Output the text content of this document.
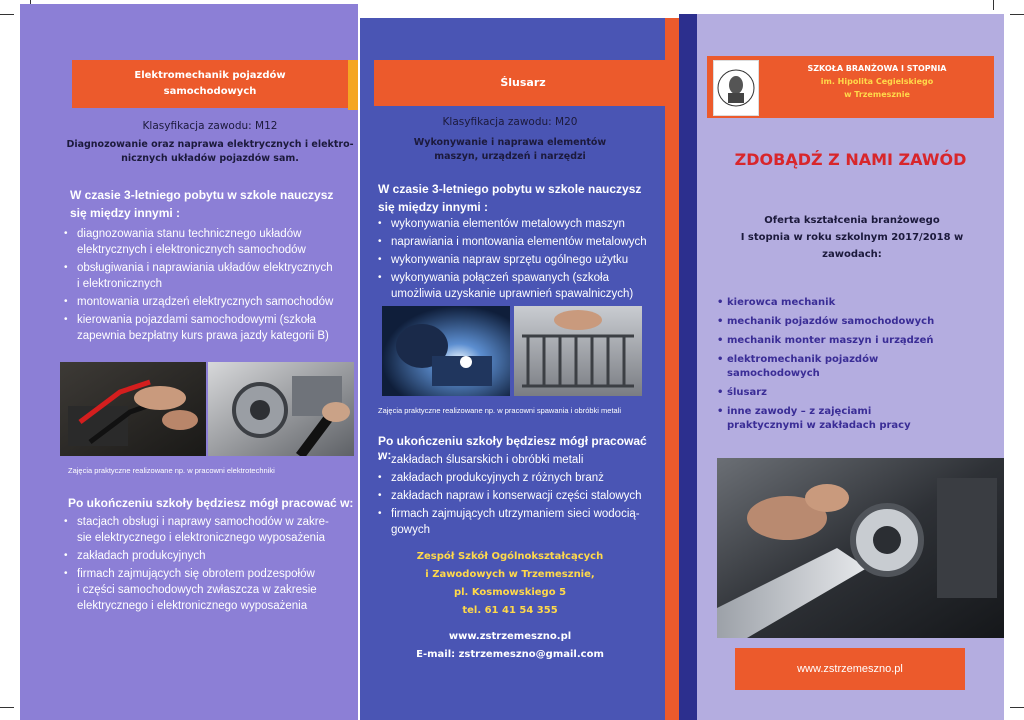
Elektromechanik pojazdów
samochodowych
Klasyfikacja zawodu: M12
Diagnozowanie oraz naprawa elektrycznych i elektro-
nicznych układów pojazdów sam.
W czasie 3-letniego pobytu w szkole nauczysz
się między innymi :
• diagnozowania stanu technicznego układów
elektrycznych i elektronicznych samochodów
• obsługiwania i naprawiania układów elektrycznych
i elektronicznych
• montowania urządzeń elektrycznych samochodów
• kierowania pojazdami samochodowymi (szkoła
zapewnia bezpłatny kurs prawa jazdy kategorii B)
Zajęcia praktyczne realizowane np. w pracowni elektrotechniki
Po ukończeniu szkoły będziesz mógł pracować w:
• stacjach obsługi i naprawy samochodów w zakre-
sie elektrycznego i elektronicznego wyposażenia
• zakładach produkcyjnych
• firmach zajmujących się obrotem podzespołów
i części samochodowych zwłaszcza w zakresie
elektrycznego i elektronicznego wyposażenia
Ślusarz
Klasyfikacja zawodu: M20
Wykonywanie i naprawa elementów
maszyn, urządzeń i narzędzi
W czasie 3-letniego pobytu w szkole nauczysz
się między innymi :
• wykonywania elementów metalowych maszyn
• naprawiania i montowania elementów metalowych
• wykonywania napraw sprzętu ogólnego użytku
• wykonywania połączeń spawanych (szkoła
umożliwia uzyskanie uprawnień spawalniczych)
Zajęcia praktyczne realizowane np. w pracowni spawania i obróbki metali
Po ukończeniu szkoły będziesz mógł pracować w:
• zakładach ślusarskich i obróbki metali
• zakładach produkcyjnych z różnych branż
• zakładach napraw i konserwacji części stalowych
• firmach zajmujących utrzymaniem sieci wodocią-
gowych
Zespół Szkół Ogólnokształcących
i Zawodowych w Trzemesznie,
pl. Kosmowskiego 5
tel. 61 41 54 355
www.zstrzemeszno.pl
E-mail: zstrzemeszno@gmail.com
SZKOŁA BRANŻOWA I STOPNIA
im. Hipolita Cegielskiego
w Trzemesznie
ZDOBĄDŹ Z NAMI ZAWÓD
Oferta kształcenia branżowego
I stopnia w roku szkolnym 2017/2018 w
zawodach:
• kierowca mechanik
• mechanik pojazdów samochodowych
• mechanik monter maszyn i urządzeń
• elektromechanik pojazdów
samochodowych
• ślusarz
• inne zawody – z zajęciami
praktycznymi w zakładach pracy
www.zstrzemeszno.pl
